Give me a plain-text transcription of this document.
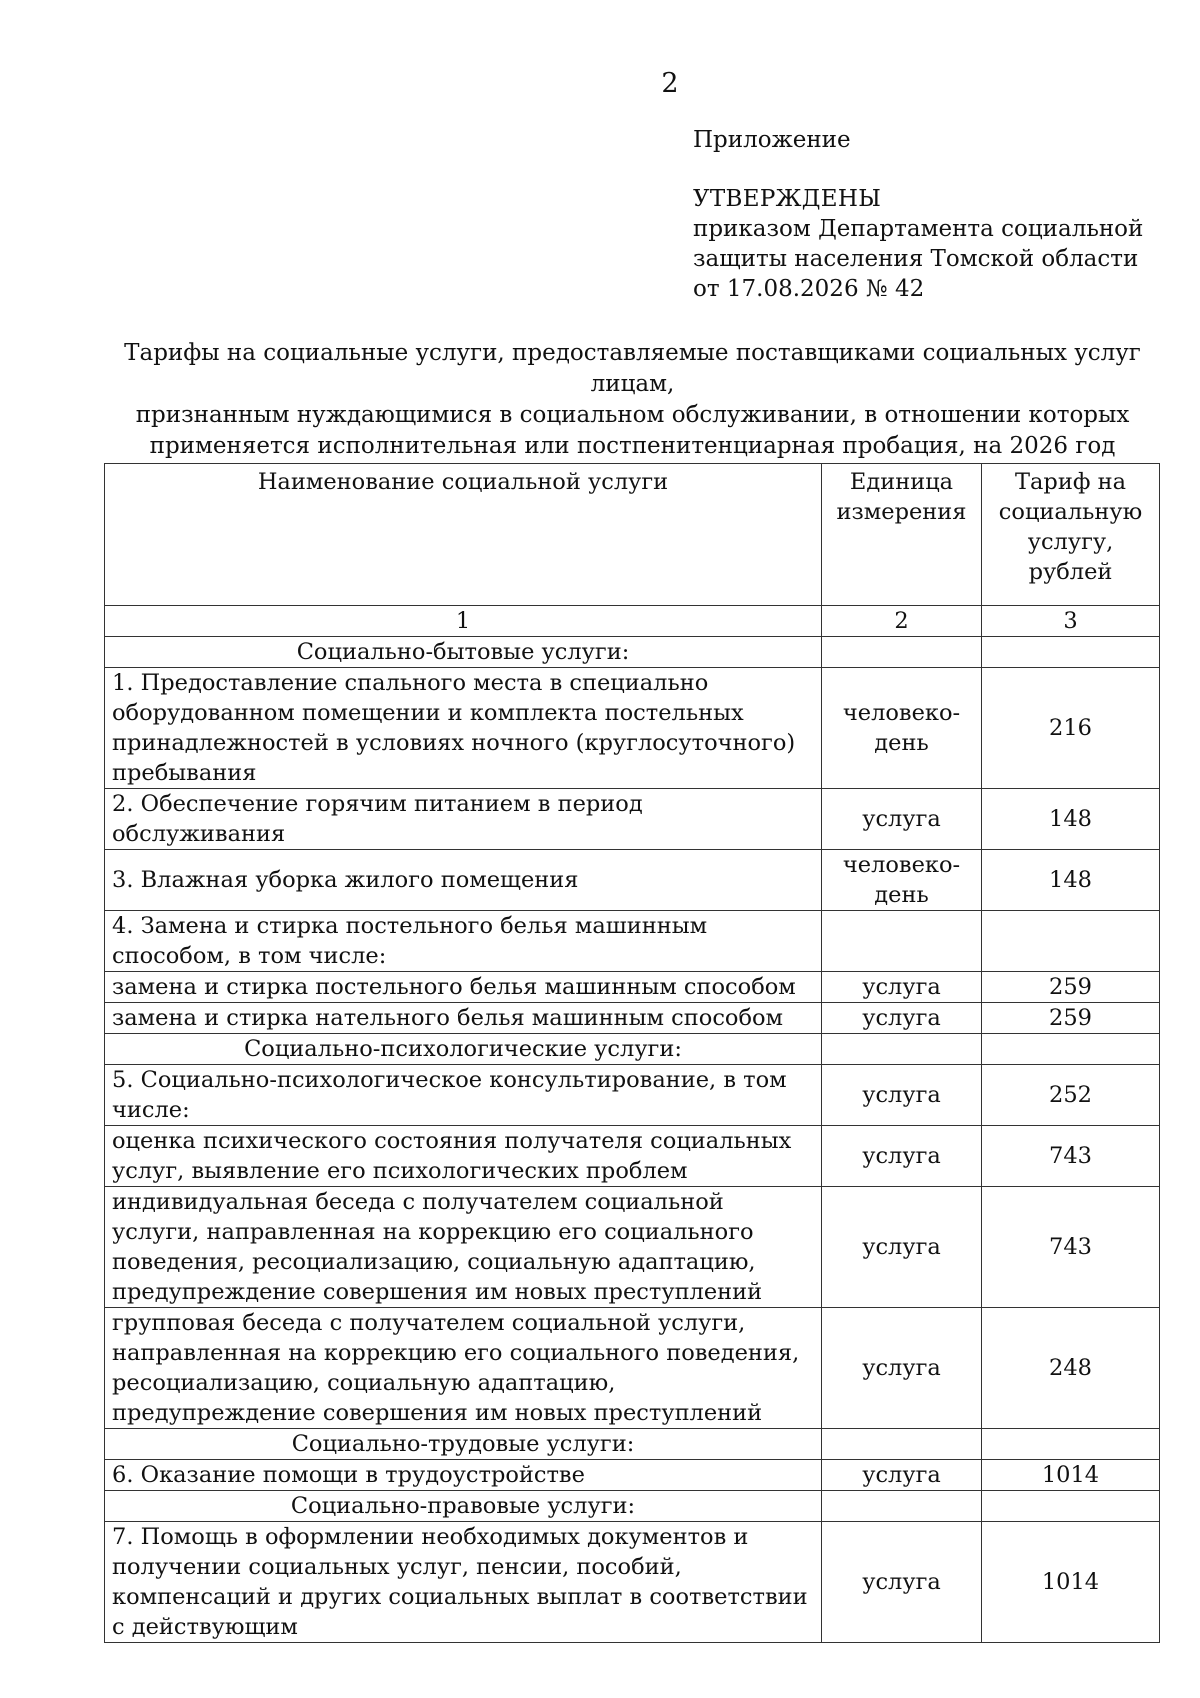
2
Приложение
УТВЕРЖДЕНЫ
приказом Департамента социальной
защиты населения Томской области
от 17.08.2026 № 42
Тарифы на социальные услуги, предоставляемые поставщиками социальных услуг лицам,
признанным нуждающимися в социальном обслуживании, в отношении которых
применяется исполнительная или постпенитенциарная пробация, на 2026 год
Наименование социальной услуги	Единица измерения	Тариф на социальную услугу, рублей
1	2	3
Социально-бытовые услуги:		
1. Предоставление спального места в специально оборудованном помещении и комплекта постельных принадлежностей в условиях ночного (круглосуточного) пребывания	человеко-день	216
2. Обеспечение горячим питанием в период обслуживания	услуга	148
3. Влажная уборка жилого помещения	человеко-день	148
4. Замена и стирка постельного белья машинным способом, в том числе:		
замена и стирка постельного белья машинным способом	услуга	259
замена и стирка нательного белья машинным способом	услуга	259
Социально-психологические услуги:		
5. Социально-психологическое консультирование, в том числе:	услуга	252
оценка психического состояния получателя социальных услуг, выявление его психологических проблем	услуга	743
индивидуальная беседа с получателем социальной услуги, направленная на коррекцию его социального поведения, ресоциализацию, социальную адаптацию, предупреждение совершения им новых преступлений	услуга	743
групповая беседа с получателем социальной услуги, направленная на коррекцию его социального поведения, ресоциализацию, социальную адаптацию, предупреждение совершения им новых преступлений	услуга	248
Социально-трудовые услуги:		
6. Оказание помощи в трудоустройстве	услуга	1014
Социально-правовые услуги:		
7. Помощь в оформлении необходимых документов и получении социальных услуг, пенсии, пособий, компенсаций и других социальных выплат в соответствии с действующим	услуга	1014
